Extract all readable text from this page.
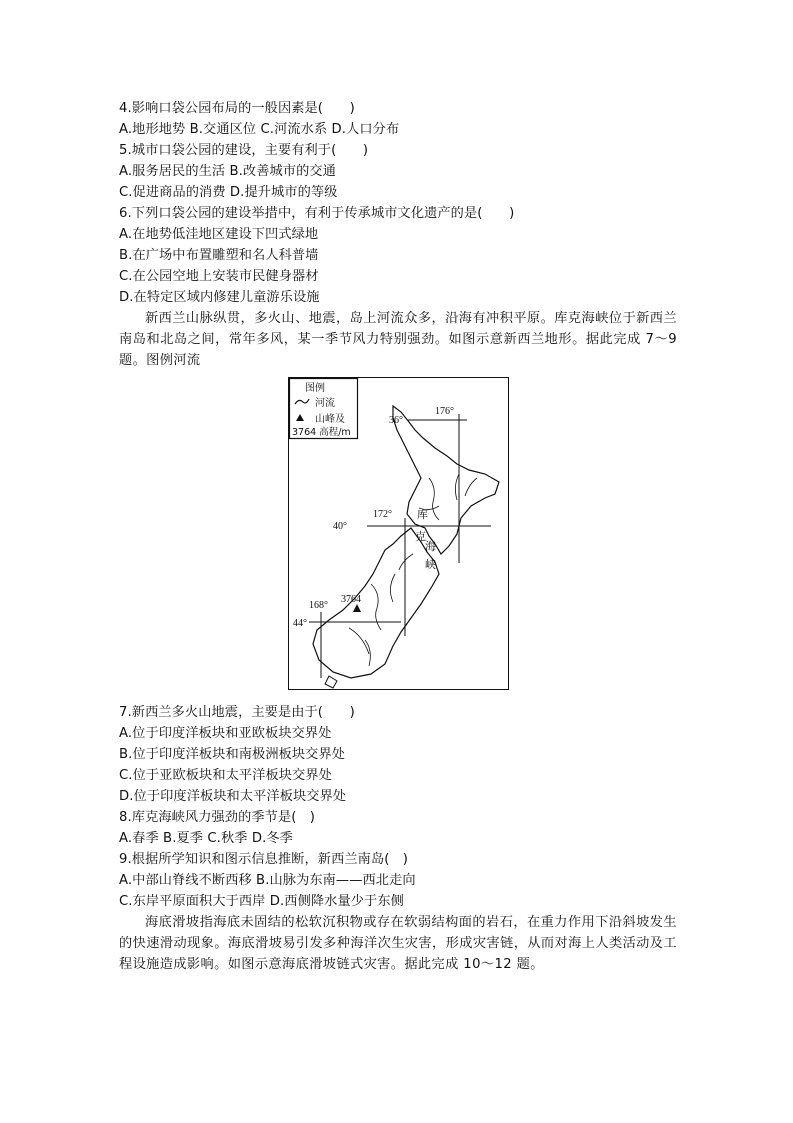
4.影响口袋公园布局的一般因素是(　　)
A.地形地势 B.交通区位 C.河流水系 D.人口分布
5.城市口袋公园的建设，主要有利于(　　)
A.服务居民的生活 B.改善城市的交通
C.促进商品的消费 D.提升城市的等级
6.下列口袋公园的建设举措中，有利于传承城市文化遗产的是(　　)
A.在地势低洼地区建设下凹式绿地
B.在广场中布置雕塑和名人科普墙
C.在公园空地上安装市民健身器材
D.在特定区域内修建儿童游乐设施
新西兰山脉纵贯，多火山、地震，岛上河流众多，沿海有冲积平原。库克海峡位于新西兰南岛和北岛之间，常年多风，某一季节风力特别强劲。如图示意新西兰地形。据此完成 7～9 题。图例河流
图例
河流
山峰及
3764 高程/m
176°
36°
172°
40°
168°
44°
3764
库
克
海
峡
7.新西兰多火山地震，主要是由于(　　)
A.位于印度洋板块和亚欧板块交界处
B.位于印度洋板块和南极洲板块交界处
C.位于亚欧板块和太平洋板块交界处
D.位于印度洋板块和太平洋板块交界处
8.库克海峡风力强劲的季节是(　)
A.春季 B.夏季 C.秋季 D.冬季
9.根据所学知识和图示信息推断，新西兰南岛(　)
A.中部山脊线不断西移 B.山脉为东南——西北走向
C.东岸平原面积大于西岸 D.西侧降水量少于东侧
海底滑坡指海底未固结的松软沉积物或存在软弱结构面的岩石，在重力作用下沿斜坡发生的快速滑动现象。海底滑坡易引发多种海洋次生灾害，形成灾害链，从而对海上人类活动及工程设施造成影响。如图示意海底滑坡链式灾害。据此完成 10～12 题。
